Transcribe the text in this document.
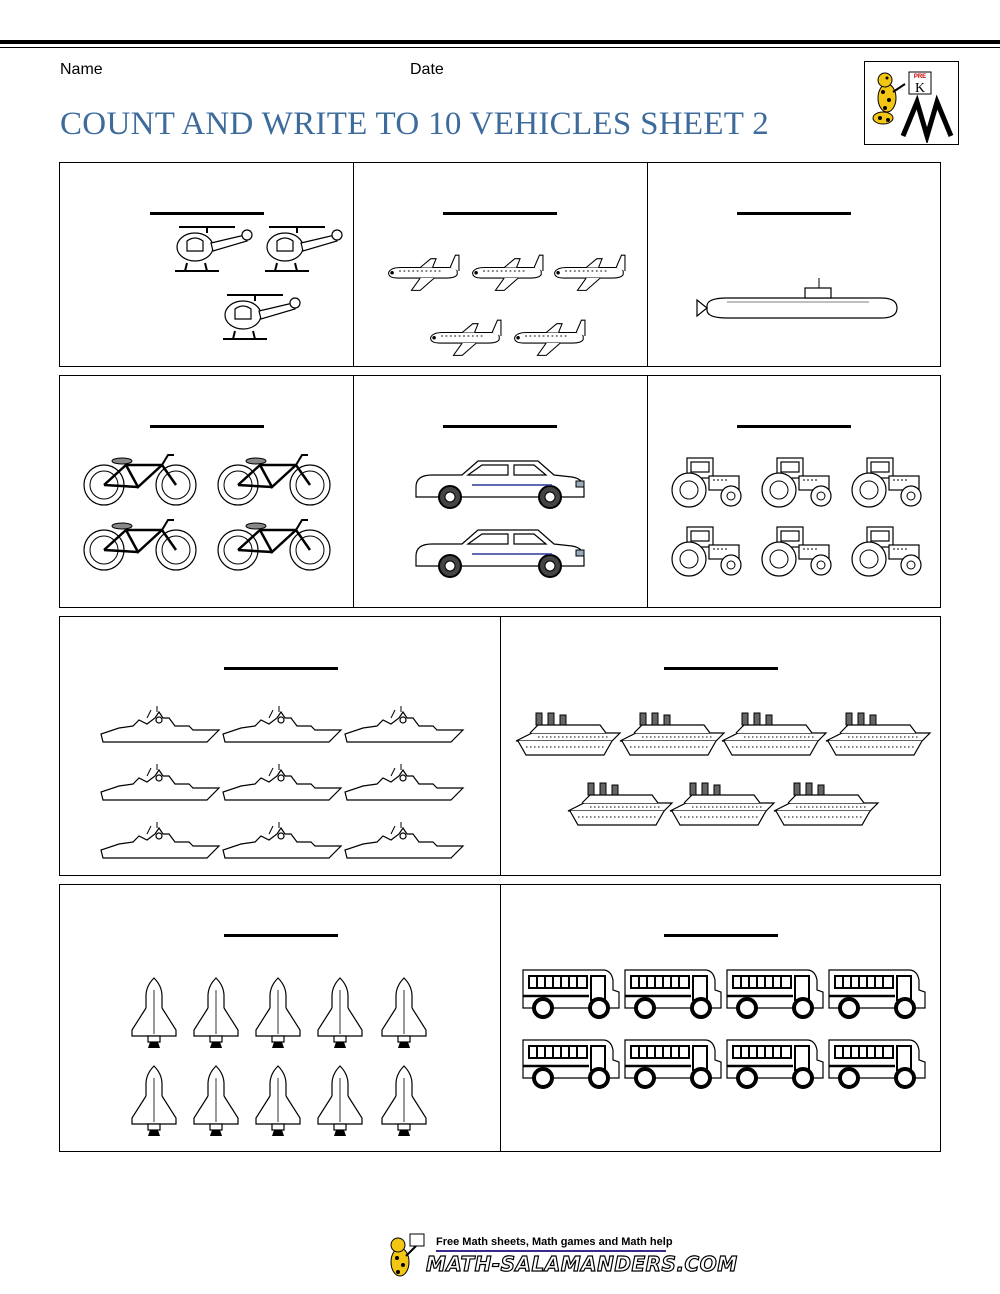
Name	Date
COUNT AND WRITE TO 10 VEHICLES SHEET 2
PRE
K
Free Math sheets, Math games and Math help
MATH-SALAMANDERS.COM
